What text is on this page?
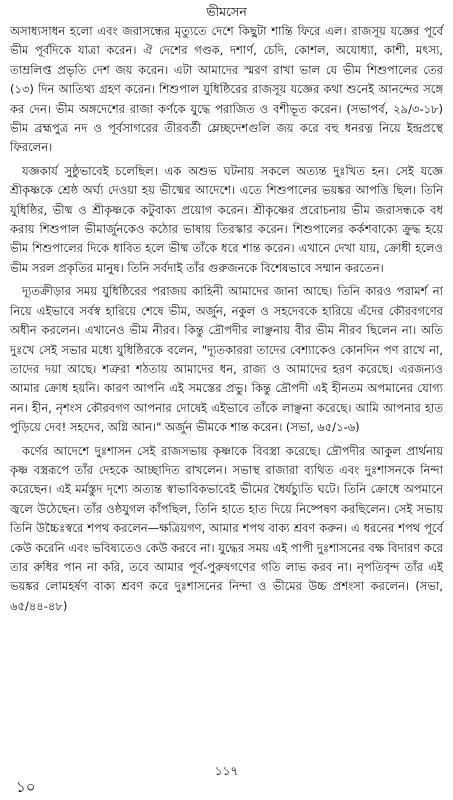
ভীমসেন

অসাধ্যসাধন হলো এবং জরাসন্ধের মৃত্যুতে দেশে কিছুটা শান্তি ফিরে এল। রাজসূয় যজ্ঞের পূর্বে ভীম পূর্বদিকে যাত্রা করেন। ঐ দেশের গণ্ডক, দশার্ণ, চেদি, কোশল, অযোধ্যা, কাশী, মৎস্য, তাম্রলিপ্ত প্রভৃতি দেশ জয় করেন। এটা আমাদের স্মরণ রাখা ভাল যে ভীম শিশুপালের তের (১৩) দিন আতিথ্য গ্রহণ করেন। শিশুপাল যুধিষ্ঠিরের রাজসূয় যজ্ঞের কথা শুনেই আনন্দের সঙ্গে কর দেন। ভীম অঙ্গদেশের রাজা কর্ণকে যুদ্ধে পরাজিত ও বশীভূত করেন। (সভাপর্ব, ২৯/৩-১৮) ভীম ব্রহ্মপুত্র নদ ও পূর্বসাগরের তীরবর্তী ম্লেচ্ছদেশগুলি জয় করে বহু ধনরত্ন নিয়ে ইন্দ্রপ্রস্থে ফিরলেন।

যজ্ঞকার্য সুষ্ঠুভাবেই চলেছিল। এক অশুভ ঘটনায় সকলে অত্যন্ত দুঃখিত হন। সেই যজ্ঞে শ্রীকৃষ্ণকে শ্রেষ্ঠ অর্ঘ্য দেওয়া হয় ভীষ্মের আদেশে। এতে শিশুপালের ভয়ঙ্কর আপত্তি ছিল। তিনি যুধিষ্ঠির, ভীষ্ম ও শ্রীকৃষ্ণকে কটুবাক্য প্রয়োগ করেন। শ্রীকৃষ্ণের প্ররোচনায় ভীম জরাসন্ধকে বধ করায় শিশুপাল ভীমার্জুনকেও কঠোর ভাষায় তিরস্কার করেন। শিশুপালের কর্কশবাক্যে ক্রুদ্ধ হয়ে ভীম শিশুপালের দিকে ধাবিত হলে ভীষ্ম তাঁকে ধরে শান্ত করেন। এখানে দেখা যায়, ক্রোধী হলেও ভীম সরল প্রকৃতির মানুষ। তিনি সর্বদাই তাঁর গুরুজনকে বিশেষভাবে সম্মান করতেন।

দ্যূতক্রীড়ার সময় যুধিষ্ঠিরের পরাজয় কাহিনী আমাদের জানা আছে। তিনি কারও পরামর্শ না নিয়ে এইভাবে সর্বস্ব হারিয়ে শেষে ভীম, অর্জুন, নকুল ও সহদেবকে হারিয়ে এঁদের কৌরবগণের অধীন করলেন। এখানেও ভীম নীরব। কিন্তু দ্রৌপদীর লাঞ্ছনায় বীর ভীম নীরব ছিলেন না। অতি দুঃখে সেই সভার মধ্যে যুধিষ্ঠিরকে বলেন, "দ্যূতকাররা তাদের বেশ্যাকেও কোনদিন পণ রাখে না, তাদের দয়া আছে। শত্রুরা শঠতায় আমাদের ধন, রাজ্য ও আমাদের হরণ করেছে। এরজন্যও আমার ক্রোধ হয়নি। কারণ আপনি এই সমস্তের প্রভু। কিন্তু দ্রৌপদী এই হীনতম অপমানের যোগ্য নন। হীন, নৃশংস কৌরবগণ আপনার দোষেই এইভাবে তাঁকে লাঞ্ছনা করেছে। আমি আপনার হাত পুড়িয়ে দেব! সহদেব, অগ্নি আন।" অর্জুন ভীমকে শান্ত করেন। (সভা, ৬৫/১-৬)

কর্ণের আদেশে দুঃশাসন সেই রাজসভায় কৃষ্ণাকে বিবস্ত্রা করেছে। দ্রৌপদীর আকুল প্রার্থনায় কৃষ্ণ বস্ত্ররূপে তাঁর দেহকে আচ্ছাদিত রাখলেন। সভাস্থ রাজারা ব্যথিত এবং দুঃশাসনকে নিন্দা করেছেন। এই মর্মস্তুদ দৃশ্যে অত্যন্ত স্বাভাবিকভাবেই ভীমের ধৈর্যচ্যুতি ঘটে। তিনি ক্রোধে অপমানে জ্বলে উঠেছেন। তাঁর ওষ্ঠযুগল কাঁপছিল, তিনি হাতে হাত দিয়ে নিষ্পেষণ করছিলেন। সেই সভায় তিনি উচ্চৈঃস্বরে শপথ করলেন—ক্ষত্রিয়গণ, আমার শপথ বাক্য শ্রবণ করুন। এ ধরনের শপথ পূর্বে কেউ করেনি এবং ভবিষ্যতেও কেউ করবে না। যুদ্ধের সময় এই পাপী দুঃশাসনের বক্ষ বিদারণ করে তার রুধির পান না করি, তবে আমার পূর্ব-পুরুষগণের গতি লাভ করব না। নৃপতিবৃন্দ তাঁর এই ভয়ঙ্কর লোমহর্ষণ বাক্য শ্রবণ করে দুঃশাসনের নিন্দা ও ভীমের উচ্চ প্রশংসা করলেন। (সভা, ৬৫/৪৪-৪৮)

১১৭
১০
